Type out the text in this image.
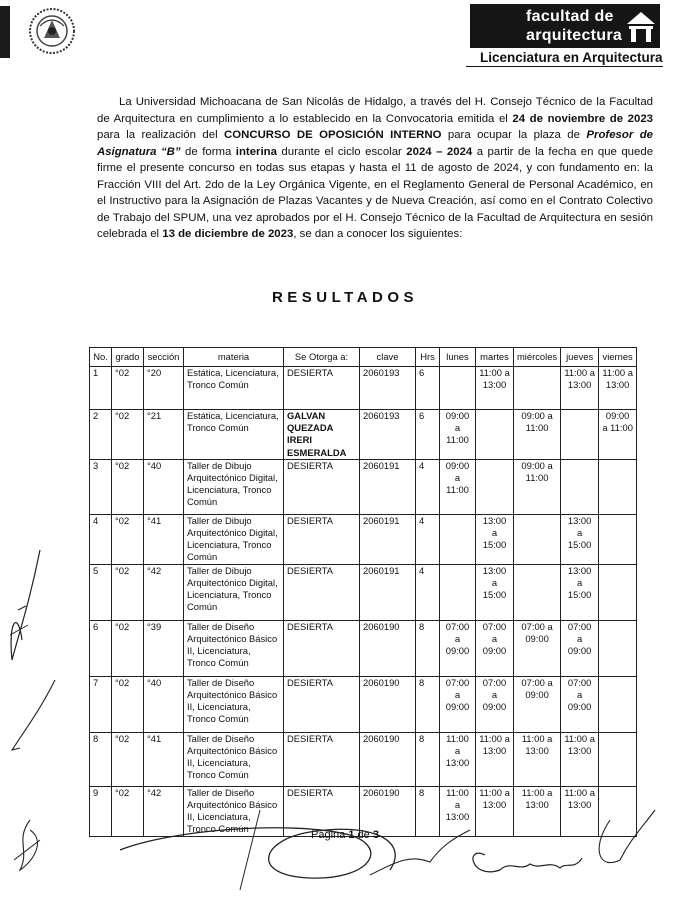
facultad de
arquitectura
Licenciatura en Arquitectura

La Universidad Michoacana de San Nicolás de Hidalgo, a través del H. Consejo Técnico de la Facultad de Arquitectura en cumplimiento a lo establecido en la Convocatoria emitida el 24 de noviembre de 2023 para la realización del CONCURSO DE OPOSICIÓN INTERNO para ocupar la plaza de Profesor de Asignatura “B” de forma interina durante el ciclo escolar 2024 – 2024 a partir de la fecha en que quede firme el presente concurso en todas sus etapas y hasta el 11 de agosto de 2024, y con fundamento en: la Fracción VIII del Art. 2do de la Ley Orgánica Vigente, en el Reglamento General de Personal Académico, en el Instructivo para la Asignación de Plazas Vacantes y de Nueva Creación, así como en el Contrato Colectivo de Trabajo del SPUM, una vez aprobados por el H. Consejo Técnico de la Facultad de Arquitectura en sesión celebrada el 13 de diciembre de 2023, se dan a conocer los siguientes:

RESULTADOS
No.	grado	sección	materia	Se Otorga a:	clave	Hrs	lunes	martes	miércoles	jueves	viernes
1	°02	°20	Estática, Licenciatura, Tronco Común	DESIERTA	2060193	6		11:00 a 13:00		11:00 a 13:00	11:00 a 13:00
2	°02	°21	Estática, Licenciatura, Tronco Común	GALVAN QUEZADA IRERI ESMERALDA	2060193	6	09:00 a 11:00		09:00 a 11:00		09:00 a 11:00
3	°02	°40	Taller de Dibujo Arquitectónico Digital, Licenciatura, Tronco Común	DESIERTA	2060191	4	09:00 a 11:00		09:00 a 11:00		
4	°02	°41	Taller de Dibujo Arquitectónico Digital, Licenciatura, Tronco Común	DESIERTA	2060191	4		13:00 a 15:00		13:00 a 15:00	
5	°02	°42	Taller de Dibujo Arquitectónico Digital, Licenciatura, Tronco Común	DESIERTA	2060191	4		13:00 a 15:00		13:00 a 15:00	
6	°02	°39	Taller de Diseño Arquitectónico Básico II, Licenciatura, Tronco Común	DESIERTA	2060190	8	07:00 a 09:00	07:00 a 09:00	07:00 a 09:00	07:00 a 09:00	
7	°02	°40	Taller de Diseño Arquitectónico Básico II, Licenciatura, Tronco Común	DESIERTA	2060190	8	07:00 a 09:00	07:00 a 09:00	07:00 a 09:00	07:00 a 09:00	
8	°02	°41	Taller de Diseño Arquitectónico Básico II, Licenciatura, Tronco Común	DESIERTA	2060190	8	11:00 a 13:00	11:00 a 13:00	11:00 a 13:00	11:00 a 13:00	
9	°02	°42	Taller de Diseño Arquitectónico Básico II, Licenciatura, Tronco Común	DESIERTA	2060190	8	11:00 a 13:00	11:00 a 13:00	11:00 a 13:00	11:00 a 13:00	
Página 1 de 3
